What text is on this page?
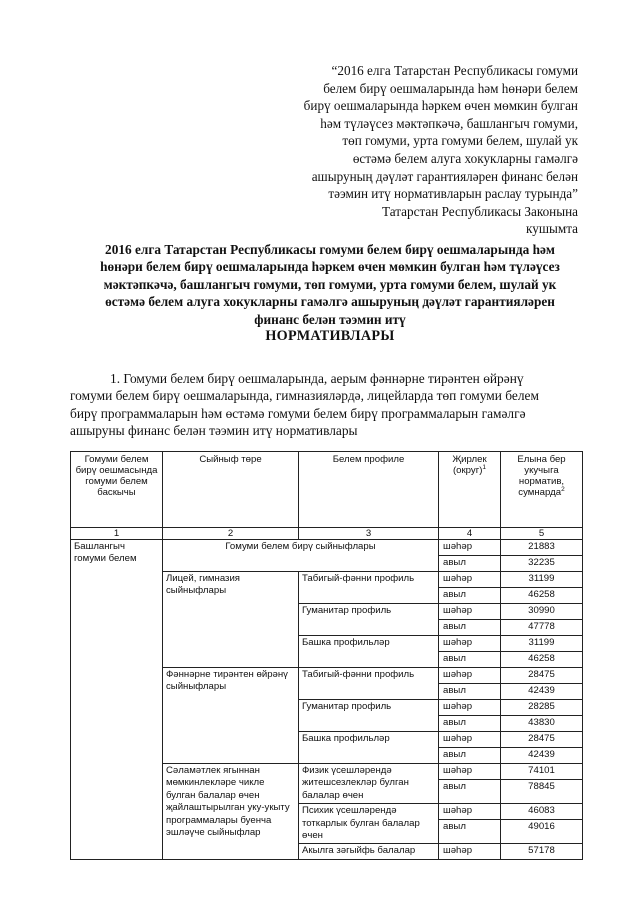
“2016 елга Татарстан Республикасы гомуми
белем бирү оешмаларында һәм һөнәри белем
бирү оешмаларында һәркем өчен мөмкин булган
һәм түләүсез мәктәпкәчә, башлангыч гомуми,
төп гомуми, урта гомуми белем, шулай ук
өстәмә белем алуга хокукларны гамәлгә
ашыруның дәүләт гарантияләрен финанс белән
тәэмин итү нормативларын раслау турында”
Татарстан Республикасы Законына
кушымта
2016 елга Татарстан Республикасы гомуми белем бирү оешмаларында һәм
һөнәри белем бирү оешмаларында һәркем өчен мөмкин булган һәм түләүсез
мәктәпкәчә, башлангыч гомуми, төп гомуми, урта гомуми белем, шулай ук
өстәмә белем алуга хокукларны гамәлгә ашыруның дәүләт гарантияләрен
финанс белән тәэмин итү
НОРМАТИВЛАРЫ
1. Гомуми белем бирү оешмаларында, аерым фәннәрне тирәнтен өйрәнү
гомуми белем бирү оешмаларында, гимназияләрдә, лицейларда төп гомуми белем
бирү программаларын һәм өстәмә гомуми белем бирү программаларын гамәлгә
ашыруны финанс белән тәэмин итү нормативлары
Гомуми белем бирү оешмасында гомуми белем баскычы	Сыйныф төре	Белем профиле	Җирлек (округ)$^1$	Елына бер укучыга норматив, сумнарда$^2$
1	2	3	4	5
Башлангыч гомуми белем	Гомуми белем бирү сыйныфлары		шәһәр	21883
			авыл	32235
	Лицей, гимназия сыйныфлары	Табигый-фәнни профиль	шәһәр	31199
			авыл	46258
		Гуманитар профиль	шәһәр	30990
			авыл	47778
		Башка профильләр	шәһәр	31199
			авыл	46258
	Фәннәрне тирәнтен өйрәнү сыйныфлары	Табигый-фәнни профиль	шәһәр	28475
			авыл	42439
		Гуманитар профиль	шәһәр	28285
			авыл	43830
		Башка профильләр	шәһәр	28475
			авыл	42439
	Сәламәтлек ягыннан мөмкинлекләре чикле булган балалар өчен җайлаштырылган уку-укыту программалары буенча эшләүче сыйныфлар	Физик үсешләрендә житешсезлекләр булган балалар өчен	шәһәр	74101

			авыл	78845

		Психик үсешләрендә тоткарлык булган балалар өчен	шәһәр	46083

			авыл	49016

		Акылга зәгыйфь балалар	шәһәр	57178
